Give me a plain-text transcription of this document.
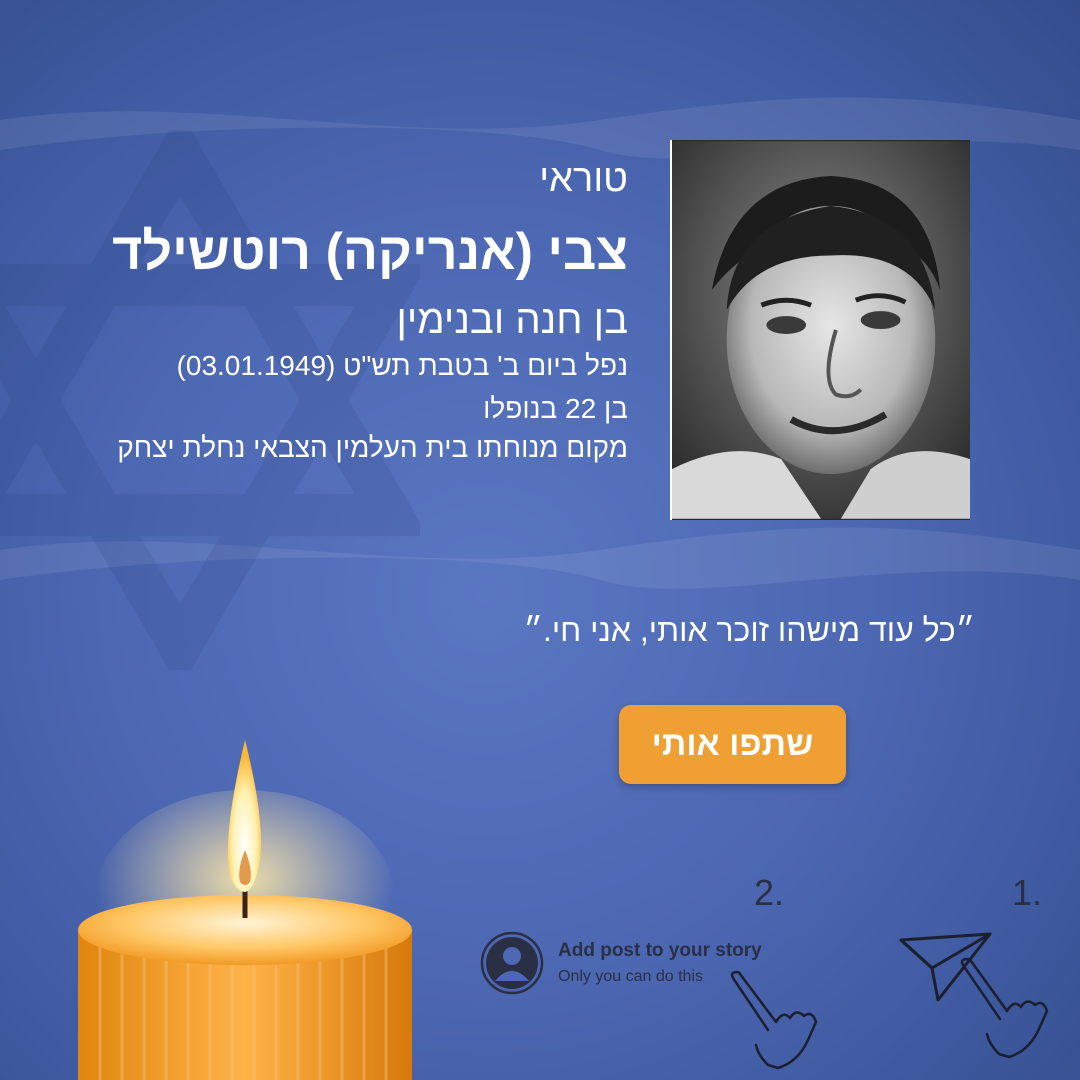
טוראי
צבי (אנריקה) רוטשילד
בן חנה ובנימין
נפל ביום ב' בטבת תש"ט (03.01.1949)
בן 22 בנופלו
מקום מנוחתו בית העלמין הצבאי נחלת יצחק
״כל עוד מישהו זוכר אותי, אני חי.״
שתפו אותי
2.	1.
Add post to your story
Only you can do this
